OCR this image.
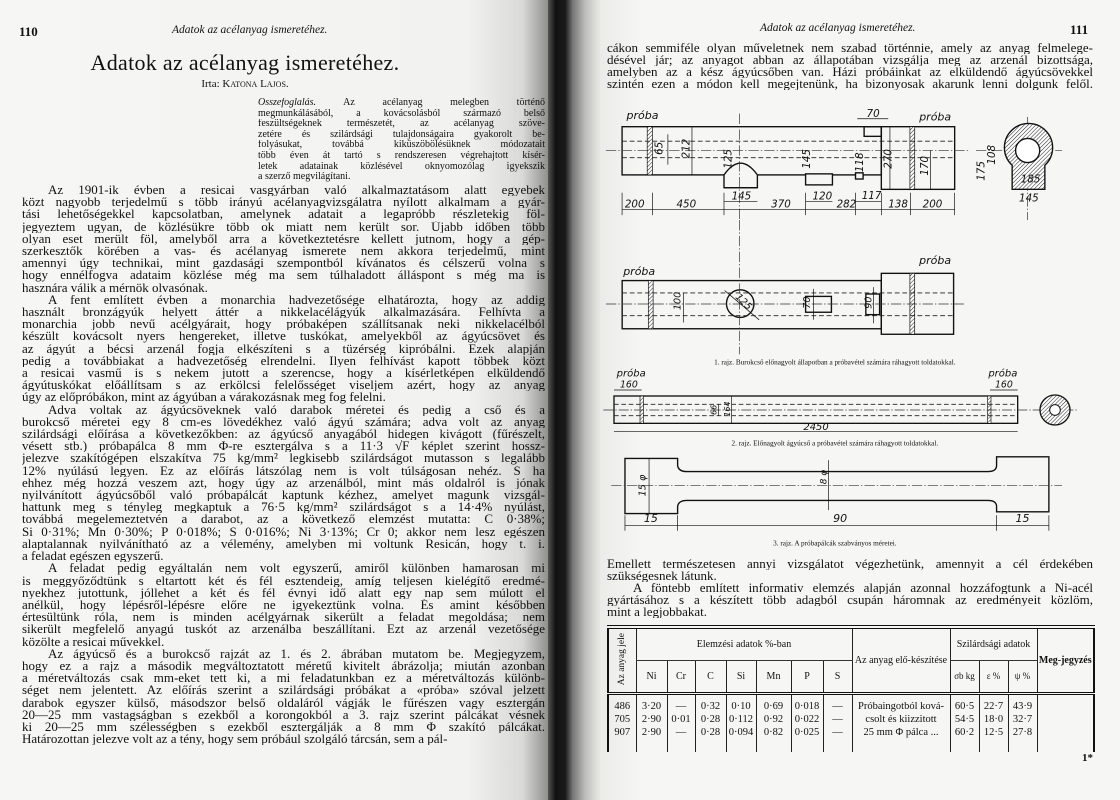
110	Adatok az acélanyag ismeretéhez.
Adatok az acélanyag ismeretéhez.
Irta: Katona Lajos.
Összefoglalás. Az acélanyag melegben történő
megmunkálásából, a kovácsolásból származó belső
feszültségeknek természetét, az acélanyag szöve-
zetére és szilárdsági tulajdonságaira gyakorolt be-
folyásukat, továbbá kiküszöbölésüknek módozatait
több éven át tartó s rendszeresen végrehajtott kísér-
letek adatainak közlésével oknyomozólag igyekszik
a szerző megvilágítani.
Az 1901-ik évben a resicai vasgyárban való alkalmaztatásom alatt egyebek
közt nagyobb terjedelmű s több irányú acélanyagvizsgálatra nyílott alkalmam a gyár-
tási lehetőségekkel kapcsolatban, amelynek adatait a legapróbb részletekig föl-
jegyeztem ugyan, de közlésükre több ok miatt nem került sor. Újabb időben több
olyan eset merült föl, amelyből arra a következtetésre kellett jutnom, hogy a gép-
szerkesztők körében a vas- és acélanyag ismerete nem akkora terjedelmű, mint
amennyi úgy technikai, mint gazdasági szempontból kívánatos és célszerű volna s
hogy ennélfogva adataim közlése még ma sem túlhaladott álláspont s még ma is
hasznára válik a mérnök olvasónak.
A fent említett évben a monarchia hadvezetősége elhatározta, hogy az addig
használt bronzágyúk helyett áttér a nikkelacélágyúk alkalmazására. Felhívta a
monarchia jobb nevű acélgyárait, hogy próbaképen szállítsanak neki nikkelacélból
készült kovácsolt nyers hengereket, illetve tuskókat, amelyekből az ágyúcsövet és
az ágyút a bécsi arzenál fogja elkészíteni s a tüzérség kipróbálni. Ezek alapján
pedig a továbbiakat a hadvezetőség elrendelni. Ilyen felhívást kapott többek közt
a resicai vasmű is s nekem jutott a szerencse, hogy a kísérletképen elküldendő
ágyútuskókat előállítsam s az erkölcsi felelősséget viseljem azért, hogy az anyag
úgy az előpróbákon, mint az ágyúban a várakozásnak meg fog felelni.
Adva voltak az ágyúcsöveknek való darabok méretei és pedig a cső és a
burokcső méretei egy 8 cm-es lövedékhez való ágyú számára; adva volt az anyag
szilárdsági előírása a következőkben: az ágyúcső anyagából hidegen kivágott (fűrészelt,
vésett stb.) próbapálca 8 mm Φ-re esztergálva s a 11·3 √F képlet szerint hossz-
jelezve szakítógépen elszakítva 75 kg/mm² legkisebb szilárdságot mutasson s legalább
12% nyúlású legyen. Ez az előírás látszólag nem is volt túlságosan nehéz. S ha
ehhez még hozzá veszem azt, hogy úgy az arzenálból, mint más oldalról is jónak
nyilvánított ágyúcsőből való próbapálcát kaptunk kézhez, amelyet magunk vizsgál-
hattunk meg s tényleg megkaptuk a 76·5 kg/mm² szilárdságot s a 14·4% nyúlást,
továbbá megelemeztetvén a darabot, az a következő elemzést mutatta: C 0·38%;
Si 0·31%; Mn 0·30%; P 0·018%; S 0·016%; Ni 3·13%; Cr 0; akkor nem lesz egészen
alaptalannak nyilvánítható az a vélemény, amelyben mi voltunk Resicán, hogy t. i.
a feladat egészen egyszerű.
A feladat pedig egyáltalán nem volt egyszerű, amiről különben hamarosan mi
is meggyőződtünk s eltartott két és fél esztendeig, amíg teljesen kielégítő eredmé-
nyekhez jutottunk, jóllehet a két és fél évnyi idő alatt egy nap sem múlott el
anélkül, hogy lépésről-lépésre előre ne igyekeztünk volna. És amint későbben
értesültünk róla, nem is minden acélgyárnak sikerült a feladat megoldása; nem
sikerült megfelelő anyagú tuskót az arzenálba beszállítani. Ezt az arzenál vezetősége
közölte a resicai művekkel.
Az ágyúcső és a burokcső rajzát az 1. és 2. ábrában mutatom be. Megjegyzem,
hogy ez a rajz a második megváltoztatott méretű kivitelt ábrázolja; miután azonban
a méretváltozás csak mm-eket tett ki, a mi feladatunkban ez a méretváltozás különb-
séget nem jelentett. Az előírás szerint a szilárdsági próbákat a «próba» szóval jelzett
darabok egyszer külső, másodszor belső oldaláról vágják le fűrészen vagy esztergán
20—25 mm vastagságban s ezekből a korongokból a 3. rajz szerint pálcákat vésnek
ki 20—25 mm szélességben s ezekből esztergálják a 8 mm Φ szakító pálcákat.
Határozottan jelezve volt az a tény, hogy sem próbául szolgáló tárcsán, sem a pál-
Adatok az acélanyag ismeretéhez.	111
cákon semmiféle olyan műveletnek nem szabad történnie, amely az anyag felmelege-
désével jár; az anyagot abban az állapotában vizsgálja meg az arzenál bizottsága,
amelyben az a kész ágyúcsőben van. Házi próbáinkat az elküldendő ágyúcsövekkel
szintén ezen a módon kell megejtenünk, ha bizonyosak akarunk lenni dolgunk felől.
próba	próba
200 450 370 282 138 200
145 120 117
70
65 212
125 145 118 270 170 175
108
185
145
próba
próba
100 125 70 90
1. rajz. Burokcső előnagyolt állapotban a próbavétel számára ráhagyott toldatokkal.
próba	próba
160	160
66 164
2450
2. rajz. Előnagyolt ágyúcső a próbavétel számára ráhagyott toldatokkal.
15	90	15
15 φ	8 φ
3. rajz. A próbapálcák szabványos méretei.
Emellett természetesen annyi vizsgálatot végezhetünk, amennyit a cél érdekében
szükségesnek látunk.
A föntebb említett informativ elemzés alapján azonnal hozzáfogtunk a Ni-acél
gyártásához s a készített több adagból csupán háromnak az eredményeit közlöm,
mint a legjobbakat.
Az anyag jele	Elemzési adatok %-ban							Az anyag elő-készítése	Szilárdsági adatok			Meg-jegyzés
	Ni	Cr	C	Si	Mn	P	S		σb kg	ε %	ψ %	
486	3·20	—	0·32	0·10	0·69	0·018	—	Próbaingotból ková-	60·5	22·7	43·9	
705	2·90	0·01	0·28	0·112	0·92	0·022	—	csolt és kiizzitott	54·5	18·0	32·7	
907	2·90	—	0·28	0·094	0·82	0·025	—	25 mm Φ pálca ...	60·2	12·5	27·8	

1*
